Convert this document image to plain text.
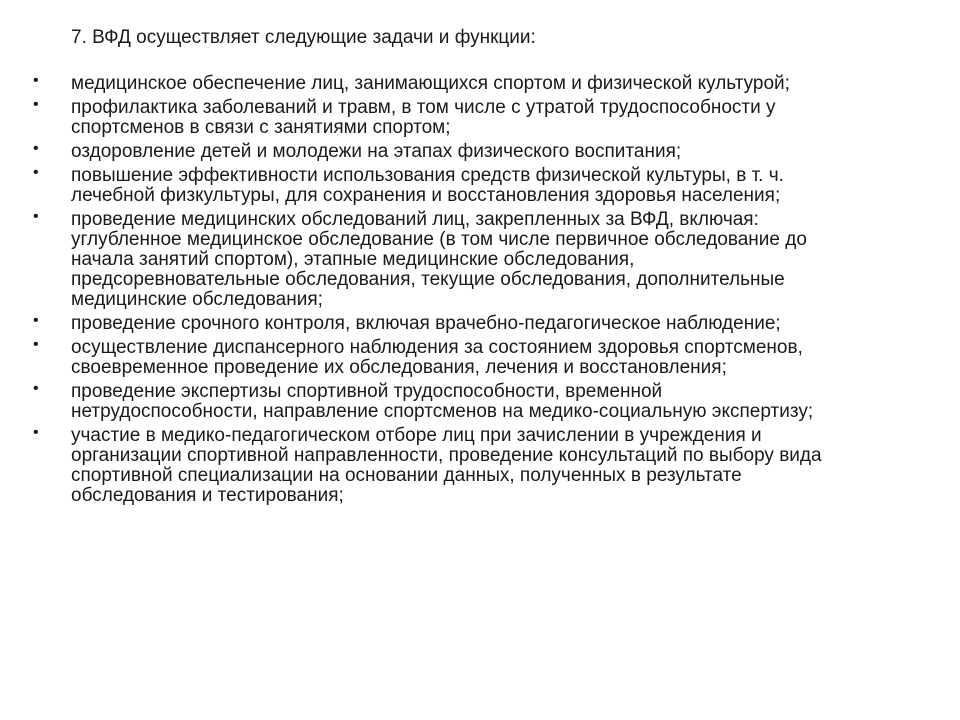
7. ВФД осуществляет следующие задачи и функции:
• медицинское обеспечение лиц, занимающихся спортом и физической культурой;
• профилактика заболеваний и травм, в том числе с утратой трудоспособности у
спортсменов в связи с занятиями спортом;
• оздоровление детей и молодежи на этапах физического воспитания;
• повышение эффективности использования средств физической культуры, в т. ч.
лечебной физкультуры, для сохранения и восстановления здоровья населения;
• проведение медицинских обследований лиц, закрепленных за ВФД, включая:
углубленное медицинское обследование (в том числе первичное обследование до
начала занятий спортом), этапные медицинские обследования,
предсоревновательные обследования, текущие обследования, дополнительные
медицинские обследования;
• проведение срочного контроля, включая врачебно-педагогическое наблюдение;
• осуществление диспансерного наблюдения за состоянием здоровья спортсменов,
своевременное проведение их обследования, лечения и восстановления;
• проведение экспертизы спортивной трудоспособности, временной
нетрудоспособности, направление спортсменов на медико-социальную экспертизу;
• участие в медико-педагогическом отборе лиц при зачислении в учреждения и
организации спортивной направленности, проведение консультаций по выбору вида
спортивной специализации на основании данных, полученных в результате
обследования и тестирования;
